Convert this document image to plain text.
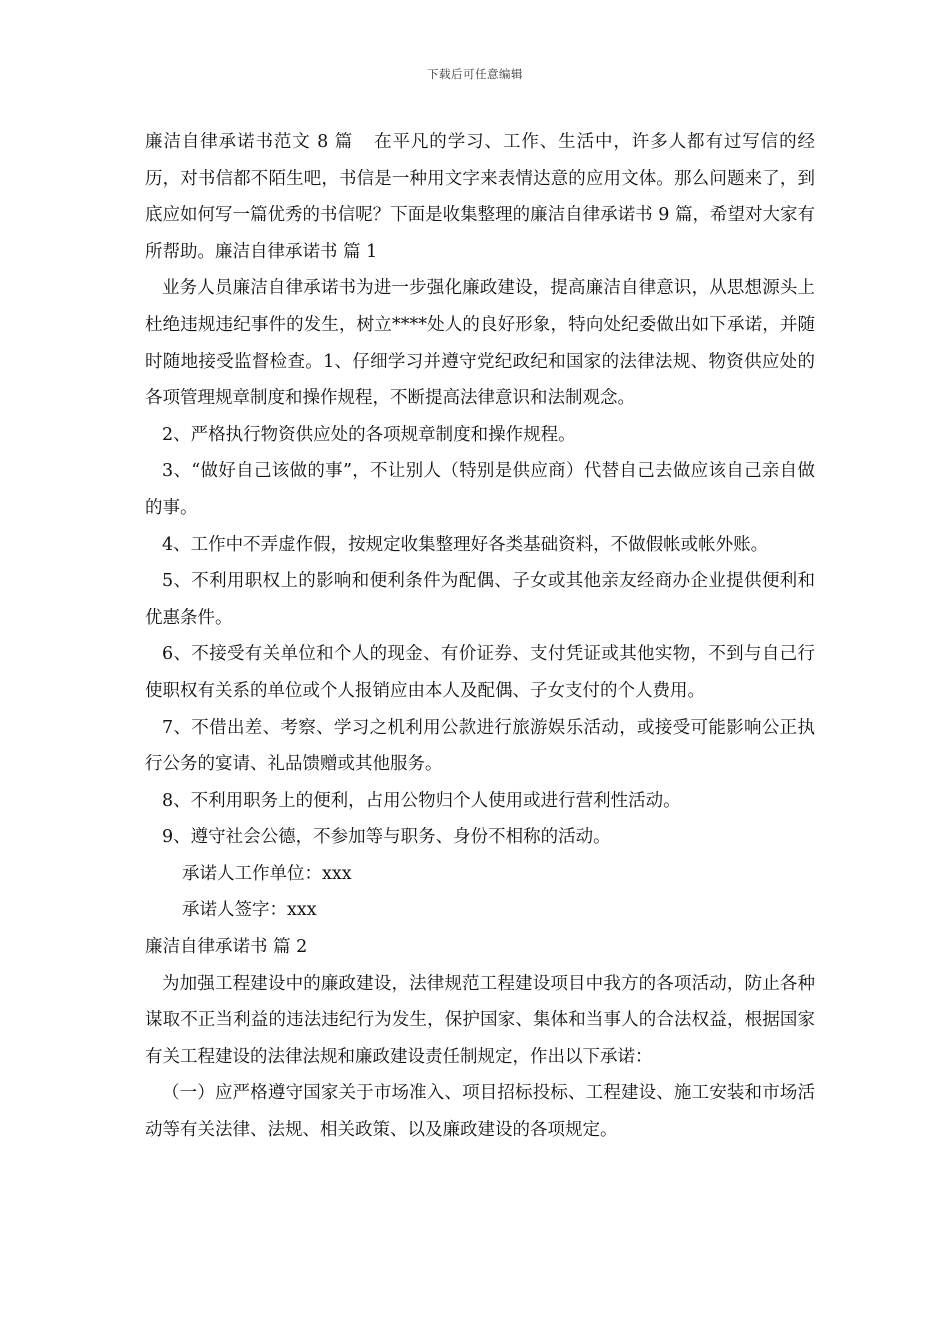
下载后可任意编辑

廉洁自律承诺书范文 8 篇 在平凡的学习、工作、生活中，许多人都有过写信的经历，对书信都不陌生吧，书信是一种用文字来表情达意的应用文体。那么问题来了，到底应如何写一篇优秀的书信呢？下面是收集整理的廉洁自律承诺书 9 篇，希望对大家有所帮助。廉洁自律承诺书 篇 1

业务人员廉洁自律承诺书为进一步强化廉政建设，提高廉洁自律意识，从思想源头上杜绝违规违纪事件的发生，树立****处人的良好形象，特向处纪委做出如下承诺，并随时随地接受监督检查。1、仔细学习并遵守党纪政纪和国家的法律法规、物资供应处的各项管理规章制度和操作规程，不断提高法律意识和法制观念。

2、严格执行物资供应处的各项规章制度和操作规程。

3、“做好自己该做的事”，不让别人（特别是供应商）代替自己去做应该自己亲自做的事。

4、工作中不弄虚作假，按规定收集整理好各类基础资料，不做假帐或帐外账。

5、不利用职权上的影响和便利条件为配偶、子女或其他亲友经商办企业提供便利和优惠条件。

6、不接受有关单位和个人的现金、有价证券、支付凭证或其他实物，不到与自己行使职权有关系的单位或个人报销应由本人及配偶、子女支付的个人费用。

7、不借出差、考察、学习之机利用公款进行旅游娱乐活动，或接受可能影响公正执行公务的宴请、礼品馈赠或其他服务。

8、不利用职务上的便利，占用公物归个人使用或进行营利性活动。

9、遵守社会公德，不参加等与职务、身份不相称的活动。

承诺人工作单位：xxx

承诺人签字：xxx

廉洁自律承诺书 篇 2

为加强工程建设中的廉政建设，法律规范工程建设项目中我方的各项活动，防止各种谋取不正当利益的违法违纪行为发生，保护国家、集体和当事人的合法权益，根据国家有关工程建设的法律法规和廉政建设责任制规定，作出以下承诺：

（一）应严格遵守国家关于市场准入、项目招标投标、工程建设、施工安装和市场活动等有关法律、法规、相关政策、以及廉政建设的各项规定。
